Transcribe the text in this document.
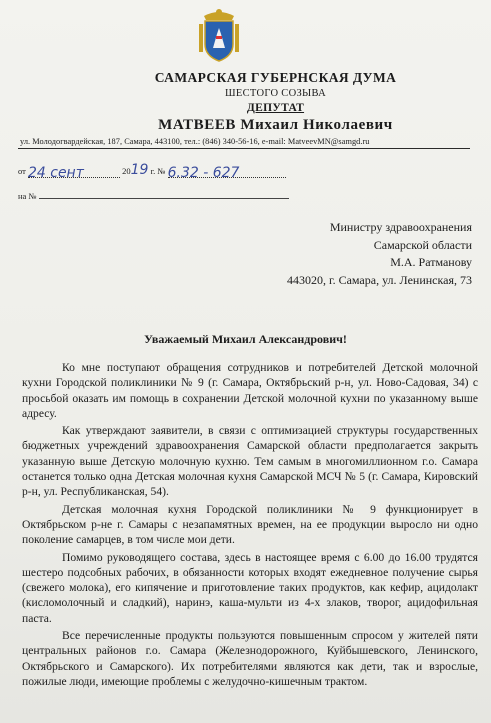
САМАРСКАЯ ГУБЕРНСКАЯ ДУМА
ШЕСТОГО СОЗЫВА
ДЕПУТАТ
МАТВЕЕВ Михаил Николаевич
ул. Молодогвардейская, 187, Самара, 443100, тел.: (846) 340-56-16, e-mail: MatveevMN@samgd.ru
от 24 сент	2019 г. № 6.32 - 627
на №
Министру здравоохранения
Самарской области
М.А. Ратманову
443020, г. Самара, ул. Ленинская, 73
Уважаемый Михаил Александрович!

Ко мне поступают обращения сотрудников и потребителей Детской молочной кухни Городской поликлиники № 9 (г. Самара, Октябрьский р-н, ул. Ново-Садовая, 34) с просьбой оказать им помощь в сохранении Детской молочной кухни по указанному выше адресу.

Как утверждают заявители, в связи с оптимизацией структуры государственных бюджетных учреждений здравоохранения Самарской области предполагается закрыть указанную выше Детскую молочную кухню. Тем самым в многомиллионном г.о. Самара останется только одна Детская молочная кухня Самарской МСЧ № 5 (г. Самара, Кировский р-н, ул. Республиканская, 54).

Детская молочная кухня Городской поликлиники № 9 функционирует в Октябрьском р-не г. Самары с незапамятных времен, на ее продукции выросло ни одно поколение самарцев, в том числе мои дети.

Помимо руководящего состава, здесь в настоящее время с 6.00 до 16.00 трудятся шестеро подсобных рабочих, в обязанности которых входят ежедневное получение сырья (свежего молока), его кипячение и приготовление таких продуктов, как кефир, ацидолакт (кисломолочный и сладкий), наринэ, каша-мульти из 4-х злаков, творог, ацидофильная паста.

Все перечисленные продукты пользуются повышенным спросом у жителей пяти центральных районов г.о. Самара (Железнодорожного, Куйбышевского, Ленинского, Октябрьского и Самарского). Их потребителями являются как дети, так и взрослые, пожилые люди, имеющие проблемы с желудочно-кишечным трактом.
